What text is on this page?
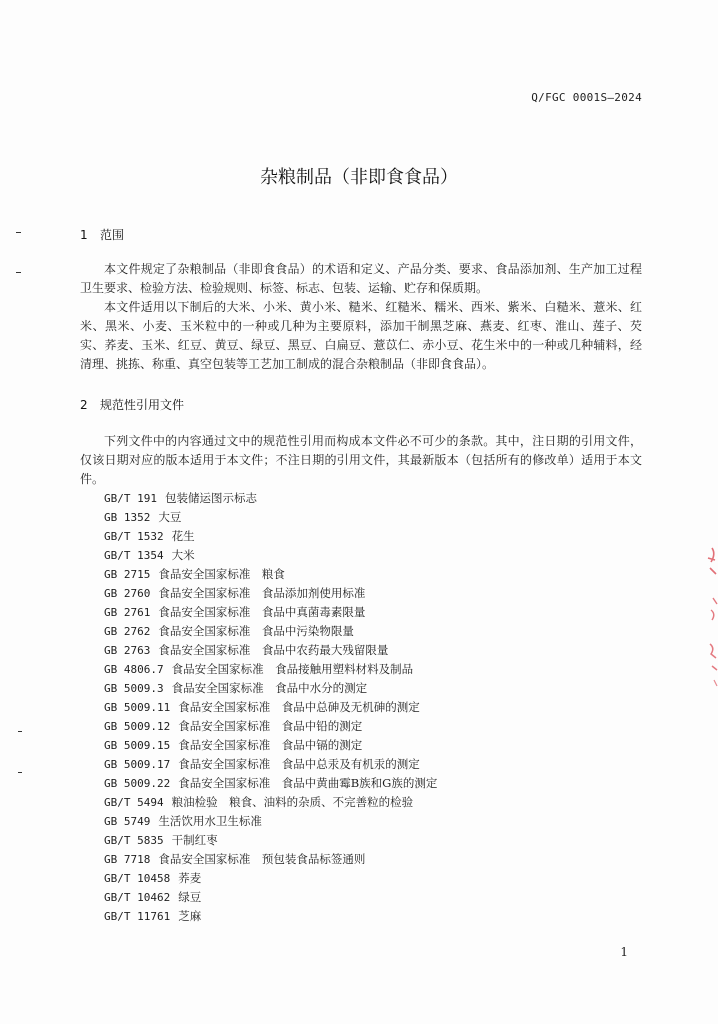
Q/FGC 0001S—2024
杂粮制品（非即食食品）
1 范围

本文件规定了杂粮制品（非即食食品）的术语和定义、产品分类、要求、食品添加剂、生产加工过程卫生要求、检验方法、检验规则、标签、标志、包装、运输、贮存和保质期。

本文件适用以下制后的大米、小米、黄小米、糙米、红糙米、糯米、西米、紫米、白糙米、薏米、红米、黑米、小麦、玉米粒中的一种或几种为主要原料，添加干制黑芝麻、燕麦、红枣、淮山、莲子、芡实、荞麦、玉米、红豆、黄豆、绿豆、黑豆、白扁豆、薏苡仁、赤小豆、花生米中的一种或几种辅料，经清理、挑拣、称重、真空包装等工艺加工制成的混合杂粮制品（非即食食品）。

2 规范性引用文件

下列文件中的内容通过文中的规范性引用而构成本文件必不可少的条款。其中，注日期的引用文件，仅该日期对应的版本适用于本文件；不注日期的引用文件，其最新版本（包括所有的修改单）适用于本文件。

GB/T 191 包装储运图示标志
GB 1352 大豆
GB/T 1532 花生
GB/T 1354 大米
GB 2715 食品安全国家标准　粮食
GB 2760 食品安全国家标准　食品添加剂使用标准
GB 2761 食品安全国家标准　食品中真菌毒素限量
GB 2762 食品安全国家标准　食品中污染物限量
GB 2763 食品安全国家标准　食品中农药最大残留限量
GB 4806.7 食品安全国家标准　食品接触用塑料材料及制品
GB 5009.3 食品安全国家标准　食品中水分的测定
GB 5009.11 食品安全国家标准　食品中总砷及无机砷的测定
GB 5009.12 食品安全国家标准　食品中铅的测定
GB 5009.15 食品安全国家标准　食品中镉的测定
GB 5009.17 食品安全国家标准　食品中总汞及有机汞的测定
GB 5009.22 食品安全国家标准　食品中黄曲霉B族和G族的测定
GB/T 5494 粮油检验　粮食、油料的杂质、不完善粒的检验
GB 5749 生活饮用水卫生标准
GB/T 5835 干制红枣
GB 7718 食品安全国家标准　预包装食品标签通则
GB/T 10458 荞麦
GB/T 10462 绿豆
GB/T 11761 芝麻
1
